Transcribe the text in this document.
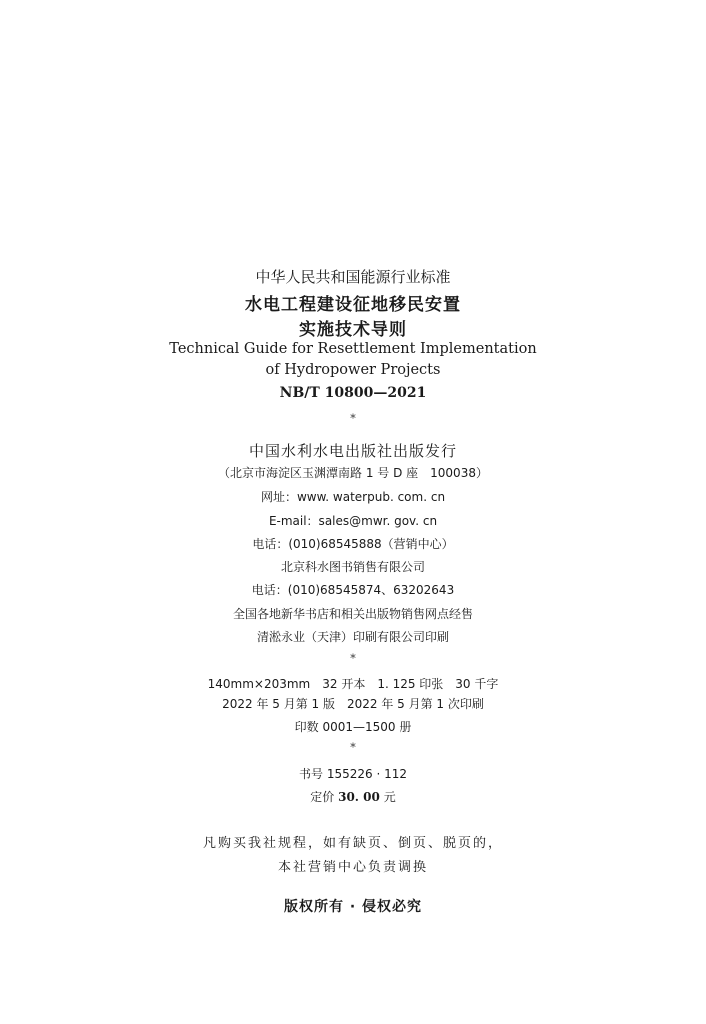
中华人民共和国能源行业标准
水电工程建设征地移民安置
实施技术导则
Technical Guide for Resettlement Implementation
of Hydropower Projects
NB/T 10800—2021
*
中国水利水电出版社出版发行
（北京市海淀区玉渊潭南路 1 号 D 座　100038）
网址：www. waterpub. com. cn
E-mail：sales@mwr. gov. cn
电话：(010)68545888（营销中心）
北京科水图书销售有限公司
电话：(010)68545874、63202643
全国各地新华书店和相关出版物销售网点经售
清淞永业（天津）印刷有限公司印刷
*
140mm×203mm　32 开本　1. 125 印张　30 千字
2022 年 5 月第 1 版　2022 年 5 月第 1 次印刷
印数 0001—1500 册
*
书号 155226 · 112
定价 30. 00 元
凡购买我社规程，如有缺页、倒页、脱页的，
本社营销中心负责调换
版权所有 · 侵权必究
